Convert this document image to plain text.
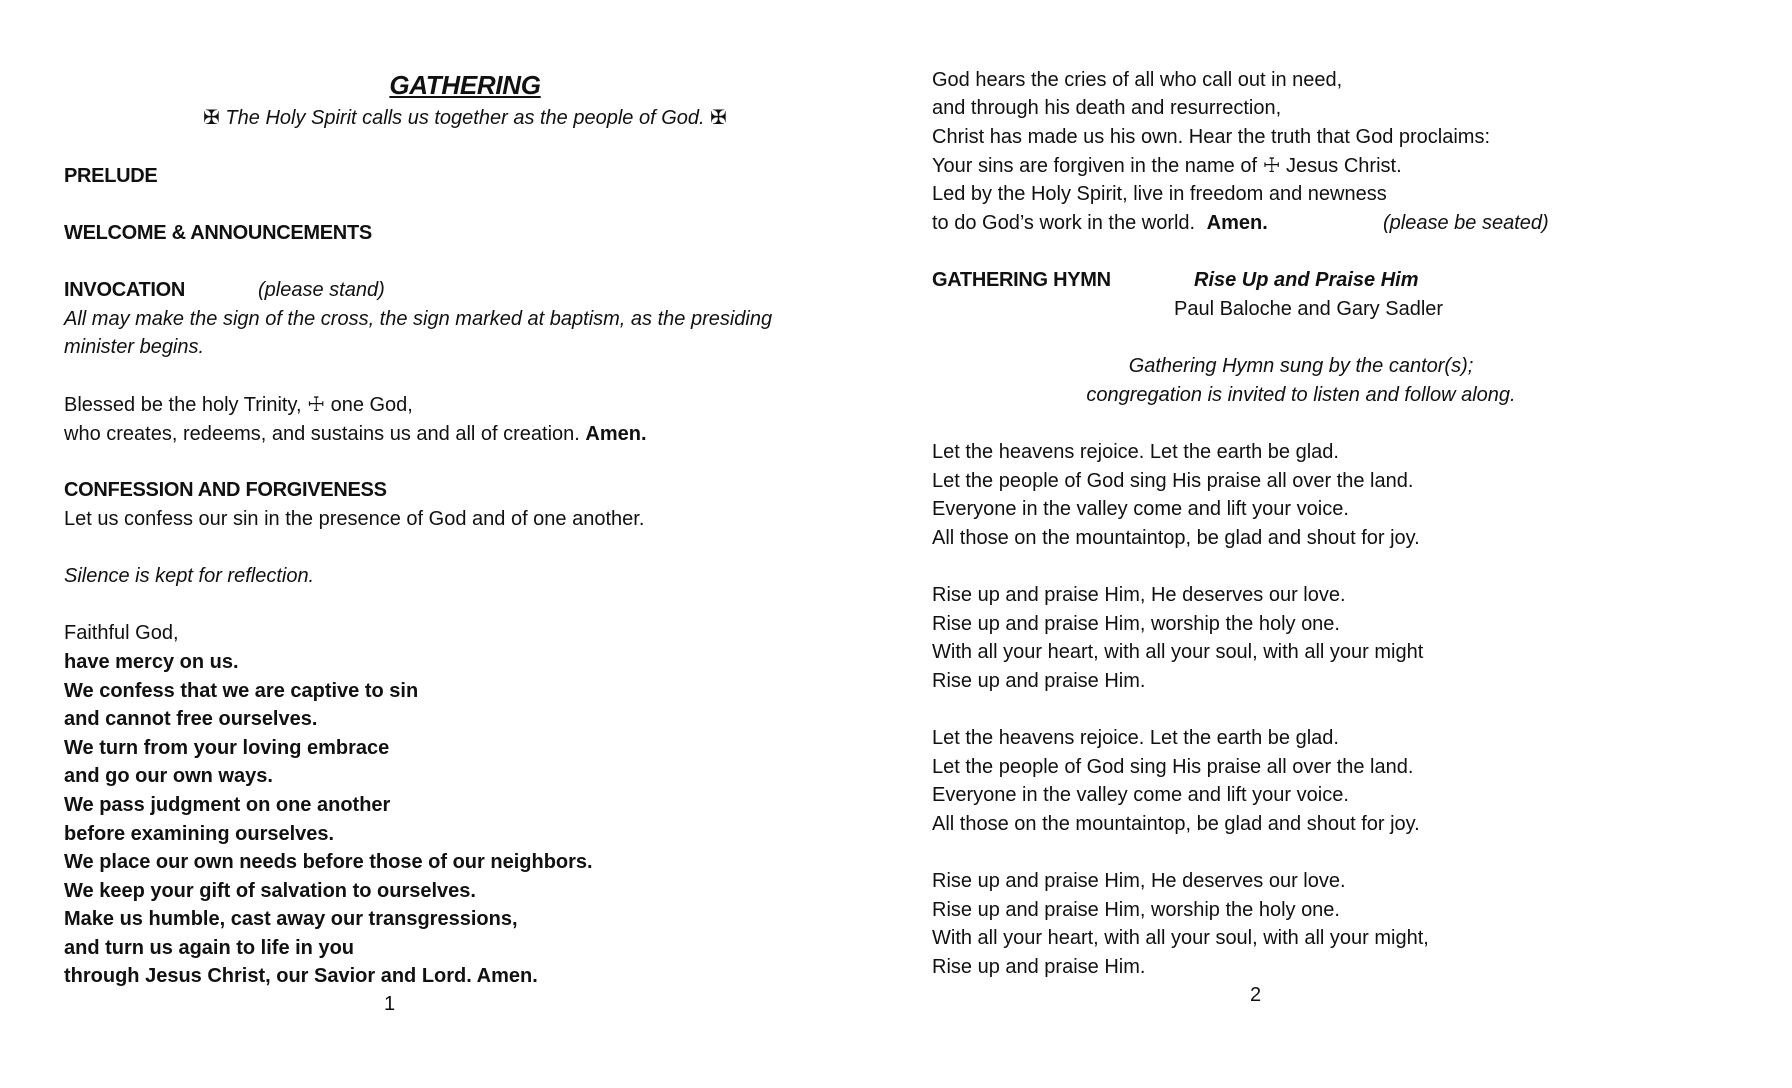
GATHERING
✠ The Holy Spirit calls us together as the people of God. ✠
PRELUDE
WELCOME & ANNOUNCEMENTS
INVOCATION	(please stand)
All may make the sign of the cross, the sign marked at baptism, as the presiding
minister begins.
Blessed be the holy Trinity, ☩ one God,
who creates, redeems, and sustains us and all of creation. Amen.
CONFESSION AND FORGIVENESS
Let us confess our sin in the presence of God and of one another.
Silence is kept for reflection.
Faithful God,
have mercy on us.
We confess that we are captive to sin
and cannot free ourselves.
We turn from your loving embrace
and go our own ways.
We pass judgment on one another
before examining ourselves.
We place our own needs before those of our neighbors.
We keep your gift of salvation to ourselves.
Make us humble, cast away our transgressions,
and turn us again to life in you
through Jesus Christ, our Savior and Lord. Amen.
1
God hears the cries of all who call out in need,
and through his death and resurrection,
Christ has made us his own. Hear the truth that God proclaims:
Your sins are forgiven in the name of ☩ Jesus Christ.
Led by the Holy Spirit, live in freedom and newness
to do God’s work in the world. Amen.	(please be seated)
GATHERING HYMN	Rise Up and Praise Him
Paul Baloche and Gary Sadler
Gathering Hymn sung by the cantor(s);
congregation is invited to listen and follow along.
Let the heavens rejoice. Let the earth be glad.
Let the people of God sing His praise all over the land.
Everyone in the valley come and lift your voice.
All those on the mountaintop, be glad and shout for joy.
Rise up and praise Him, He deserves our love.
Rise up and praise Him, worship the holy one.
With all your heart, with all your soul, with all your might
Rise up and praise Him.
Let the heavens rejoice. Let the earth be glad.
Let the people of God sing His praise all over the land.
Everyone in the valley come and lift your voice.
All those on the mountaintop, be glad and shout for joy.
Rise up and praise Him, He deserves our love.
Rise up and praise Him, worship the holy one.
With all your heart, with all your soul, with all your might,
Rise up and praise Him.
2
